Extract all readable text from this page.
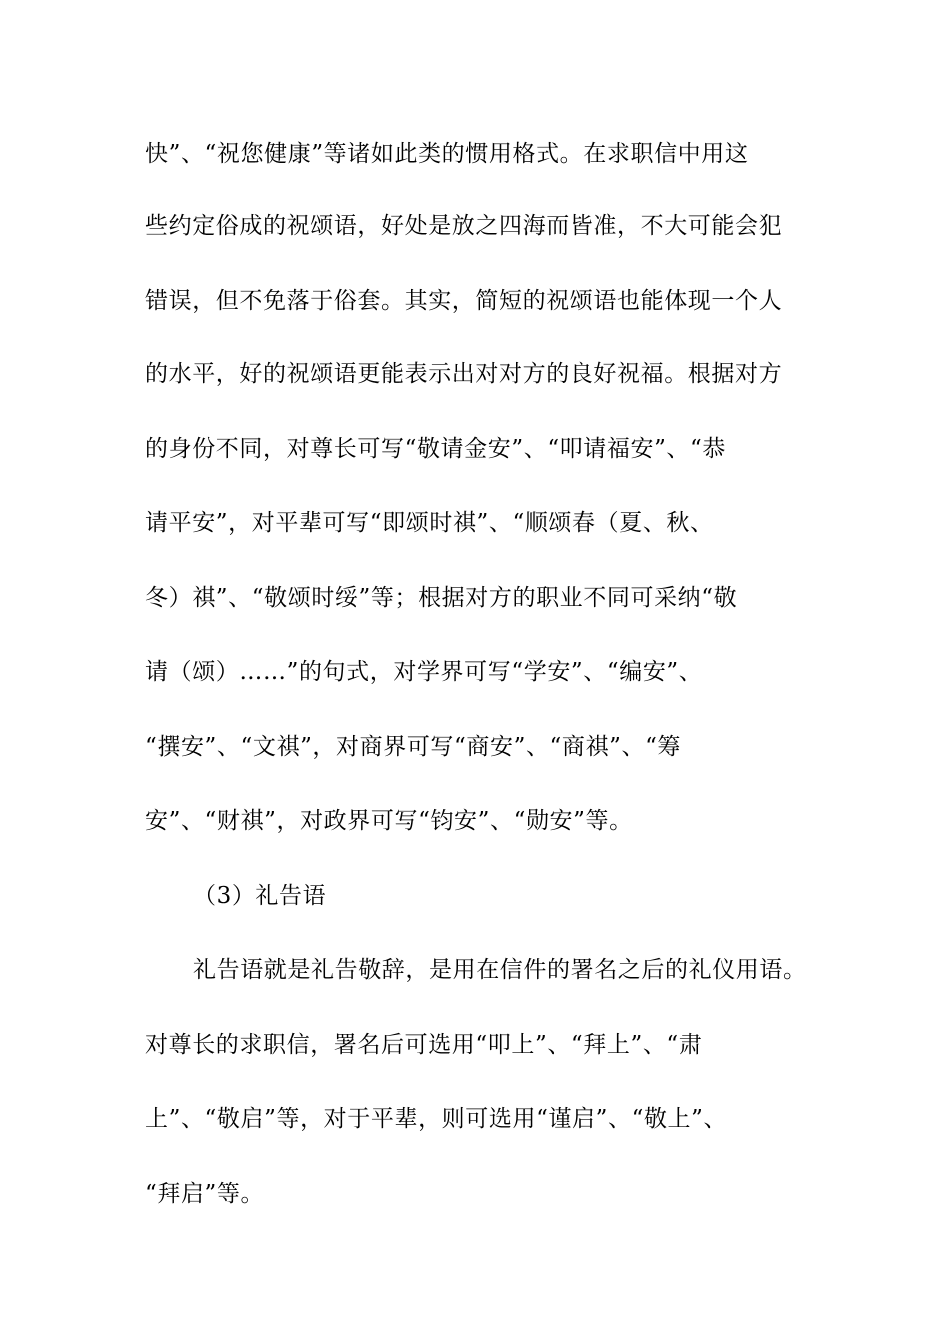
快”、“祝您健康”等诸如此类的惯用格式。在求职信中用这
些约定俗成的祝颂语，好处是放之四海而皆准，不大可能会犯
错误，但不免落于俗套。其实，简短的祝颂语也能体现一个人
的水平，好的祝颂语更能表示出对对方的良好祝福。根据对方
的身份不同，对尊长可写“敬请金安”、“叩请福安”、“恭
请平安”，对平辈可写“即颂时祺”、“顺颂春（夏、秋、
冬）祺”、“敬颂时绥”等；根据对方的职业不同可采纳“敬
请（颂）……”的句式，对学界可写“学安”、“编安”、
“撰安”、“文祺”，对商界可写“商安”、“商祺”、“筹
安”、“财祺”，对政界可写“钧安”、“勋安”等。
（3）礼告语
礼告语就是礼告敬辞，是用在信件的署名之后的礼仪用语。
对尊长的求职信，署名后可选用“叩上”、“拜上”、“肃
上”、“敬启”等，对于平辈，则可选用“谨启”、“敬上”、
“拜启”等。
